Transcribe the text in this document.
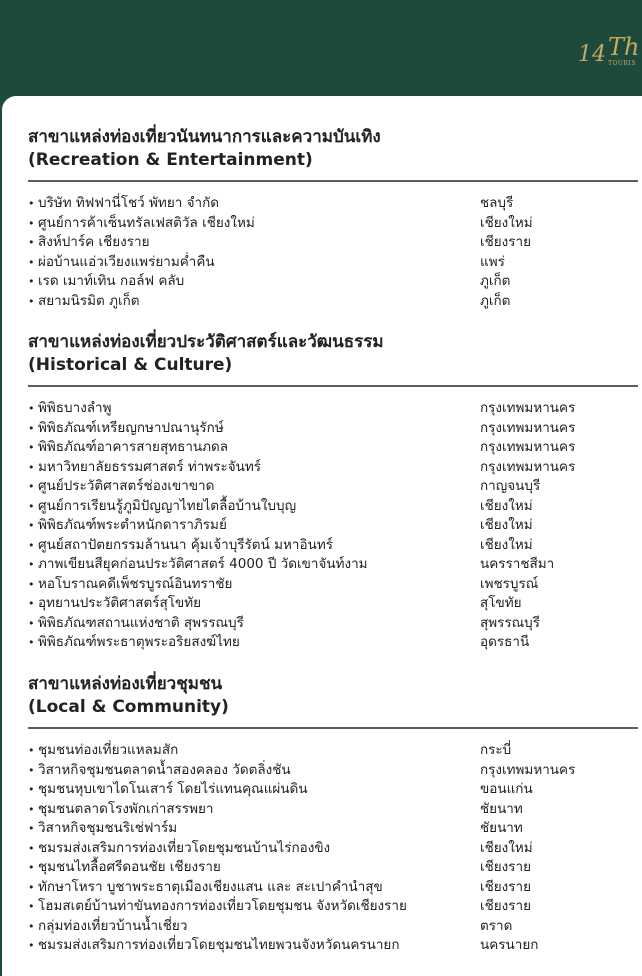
14 Th
TOURIS
สาขาแหล่งท่องเที่ยวนันทนาการและความบันเทิง
(Recreation & Entertainment)
• บริษัท ทิฟฟานี่โชว์ พัทยา จำกัด	ชลบุรี
• ศูนย์การค้าเซ็นทรัลเฟสติวัล เชียงใหม่	เชียงใหม่
• สิงห์ปาร์ค เชียงราย	เชียงราย
• ผ่อบ้านแอ่วเวียงแพร่ยามค่ำคืน	แพร่
• เรด เมาท์เทิน กอล์ฟ คลับ	ภูเก็ต
• สยามนิรมิต ภูเก็ต	ภูเก็ต
สาขาแหล่งท่องเที่ยวประวัติศาสตร์และวัฒนธรรม
(Historical & Culture)
• พิพิธบางลำพู	กรุงเทพมหานคร
• พิพิธภัณฑ์เหรียญกษาปณานุรักษ์	กรุงเทพมหานคร
• พิพิธภัณฑ์อาคารสายสุทธานภดล	กรุงเทพมหานคร
• มหาวิทยาลัยธรรมศาสตร์ ท่าพระจันทร์	กรุงเทพมหานคร
• ศูนย์ประวัติศาสตร์ช่องเขาขาด	กาญจนบุรี
• ศูนย์การเรียนรู้ภูมิปัญญาไทยไตลื้อบ้านใบบุญ	เชียงใหม่
• พิพิธภัณฑ์พระตำหนักดาราภิรมย์	เชียงใหม่
• ศูนย์สถาปัตยกรรมล้านนา คุ้มเจ้าบุรีรัตน์ มหาอินทร์	เชียงใหม่
• ภาพเขียนสียุคก่อนประวัติศาสตร์ 4000 ปี วัดเขาจันท์งาม	นครราชสีมา
• หอโบราณคดีเพ็ชรบูรณ์อินทราชัย	เพชรบูรณ์
• อุทยานประวัติศาสตร์สุโขทัย	สุโขทัย
• พิพิธภัณฑสถานแห่งชาติ สุพรรณบุรี	สุพรรณบุรี
• พิพิธภัณฑ์พระธาตุพระอริยสงฆ์ไทย	อุดรธานี
สาขาแหล่งท่องเที่ยวชุมชน
(Local & Community)
• ชุมชนท่องเที่ยวแหลมสัก	กระบี่
• วิสาหกิจชุมชนตลาดน้ำสองคลอง วัดตลิ่งชัน	กรุงเทพมหานคร
• ชุมชนหุบเขาไดโนเสาร์ โดยไร่แทนคุณแผ่นดิน	ขอนแก่น
• ชุมชนตลาดโรงพักเก่าสรรพยา	ชัยนาท
• วิสาหกิจชุมชนริเช่ฟาร์ม	ชัยนาท
• ชมรมส่งเสริมการท่องเที่ยวโดยชุมชนบ้านไร่กองขิง	เชียงใหม่
• ชุมชนไทลื้อศรีดอนชัย เชียงราย	เชียงราย
• ทักษาโหรา บูชาพระธาตุเมืองเชียงแสน และ สะเปาคำนำสุข	เชียงราย
• โฮมสเตย์บ้านท่าขันทองการท่องเที่ยวโดยชุมชน จังหวัดเชียงราย	เชียงราย
• กลุ่มท่องเที่ยวบ้านน้ำเชี่ยว	ตราด
• ชมรมส่งเสริมการท่องเที่ยวโดยชุมชนไทยพวนจังหวัดนครนายก	นครนายก
